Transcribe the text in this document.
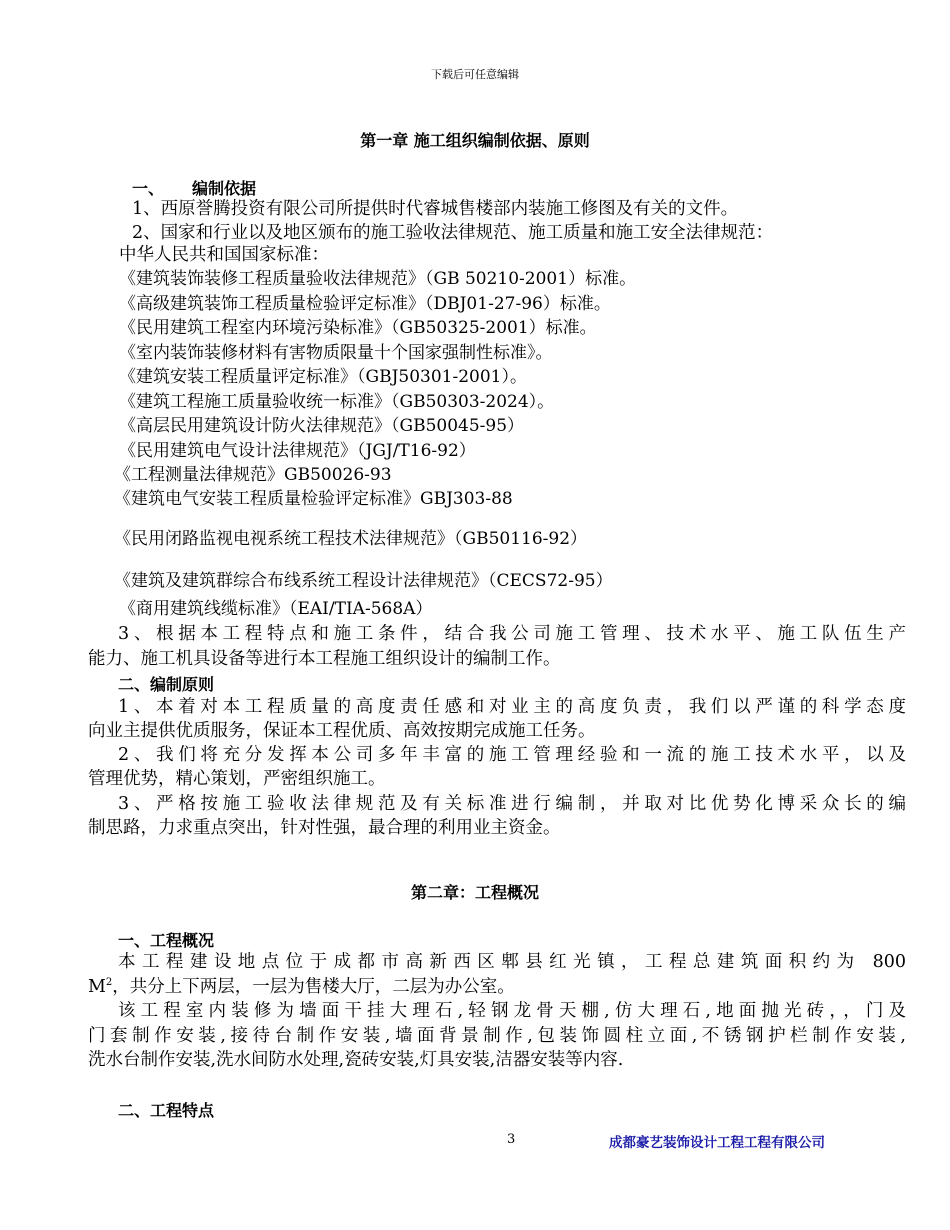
下载后可任意编辑
第一章 施工组织编制依据、原则
一、 编制依据
1、西原誉腾投资有限公司所提供时代睿城售楼部内装施工修图及有关的文件。
2、国家和行业以及地区颁布的施工验收法律规范、施工质量和施工安全法律规范：
中华人民共和国国家标准：
《建筑装饰装修工程质量验收法律规范》（GB 50210-2001）标准。
《高级建筑装饰工程质量检验评定标准》（DBJ01-27-96）标准。
《民用建筑工程室内环境污染标准》（GB50325-2001）标准。
《室内装饰装修材料有害物质限量十个国家强制性标准》。
《建筑安装工程质量评定标准》（GBJ50301-2001）。
《建筑工程施工质量验收统一标准》（GB50303-2024）。
《高层民用建筑设计防火法律规范》（GB50045-95）
《民用建筑电气设计法律规范》（JGJ/T16-92）
《工程测量法律规范》GB50026-93
《建筑电气安装工程质量检验评定标准》GBJ303-88
《民用闭路监视电视系统工程技术法律规范》（GB50116-92）
《建筑及建筑群综合布线系统工程设计法律规范》（CECS72-95）
《商用建筑线缆标准》（EAI/TIA-568A）
3、根据本工程特点和施工条件，结合我公司施工管理、技术水平、施工队伍生产
能力、施工机具设备等进行本工程施工组织设计的编制工作。
二、编制原则
1、本着对本工程质量的高度责任感和对业主的高度负责，我们以严谨的科学态度
向业主提供优质服务，保证本工程优质、高效按期完成施工任务。
2、我们将充分发挥本公司多年丰富的施工管理经验和一流的施工技术水平，以及
管理优势，精心策划，严密组织施工。
3、严格按施工验收法律规范及有关标准进行编制，并取对比优势化博采众长的编
制思路，力求重点突出，针对性强，最合理的利用业主资金。
第二章：工程概况
一、工程概况
本工程建设地点位于成都市高新西区郫县红光镇，工程总建筑面积约为 800
$M^2$，共分上下两层，一层为售楼大厅，二层为办公室。
该工程室内装修为墙面干挂大理石,轻钢龙骨天棚,仿大理石,地面抛光砖，，门及
门套制作安装,接待台制作安装,墙面背景制作,包装饰圆柱立面,不锈钢护栏制作安装,
洗水台制作安装,洗水间防水处理,瓷砖安装,灯具安装,洁器安装等内容.
二、工程特点
3	成都豪艺装饰设计工程工程有限公司
